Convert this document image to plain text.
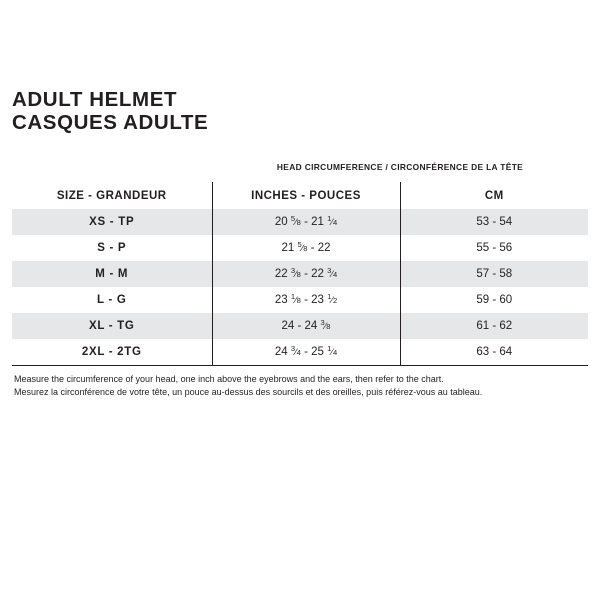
ADULT HELMET
CASQUES ADULTE
	HEAD CIRCUMFERENCE / CIRCONFÉRENCE DE LA TÊTE	
SIZE - GRANDEUR	INCHES - POUCES	CM
XS - TP	20 $^5⁄_8 - 21$ $^1⁄_4$	53 - 54
S - P	21 $^5⁄_8 - 22$	55 - 56
M - M	22 $^3⁄_8 - 22$ $^3⁄_4$	57 - 58
L - G	23 $^1⁄_8 - 23$ $^1⁄_2$	59 - 60
XL - TG	24 - 24 $^3⁄_8$	61 - 62
2XL - 2TG	24 $^3⁄_4 - 25$ $^1⁄_4$	63 - 64
Measure the circumference of your head, one inch above the eyebrows and the ears, then refer to the chart.
Mesurez la circonférence de votre tête, un pouce au-dessus des sourcils et des oreilles, puis référez-vous au tableau.
